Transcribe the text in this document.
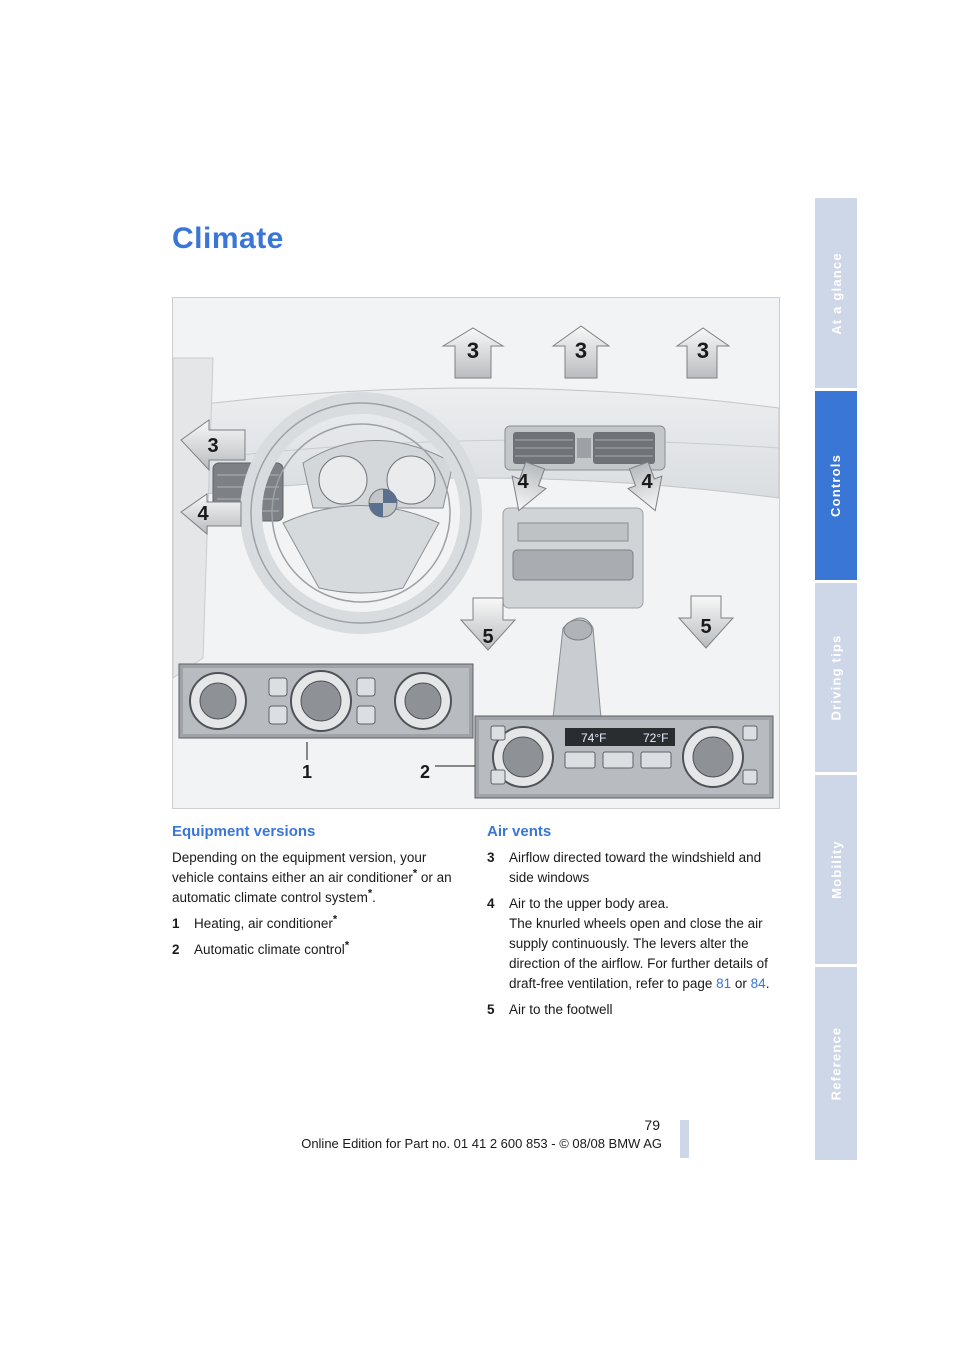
Climate
3	3	3
3
4
4	4
5	5
74°F	72°F
1	2
At a glance
Controls
Driving tips
Mobility
Reference
Equipment versions

Depending on the equipment version, your vehicle contains either an air conditioner* or an automatic climate control system*.

1	Heating, air conditioner*
2	Automatic climate control*
Air vents
3	Airflow directed toward the windshield and side windows
4	Air to the upper body area.
The knurled wheels open and close the air supply continuously. The levers alter the direction of the airflow. For further details of draft-free ventilation, refer to page 81 or 84.
5	Air to the footwell
79
Online Edition for Part no. 01 41 2 600 853 - © 08/08 BMW AG
